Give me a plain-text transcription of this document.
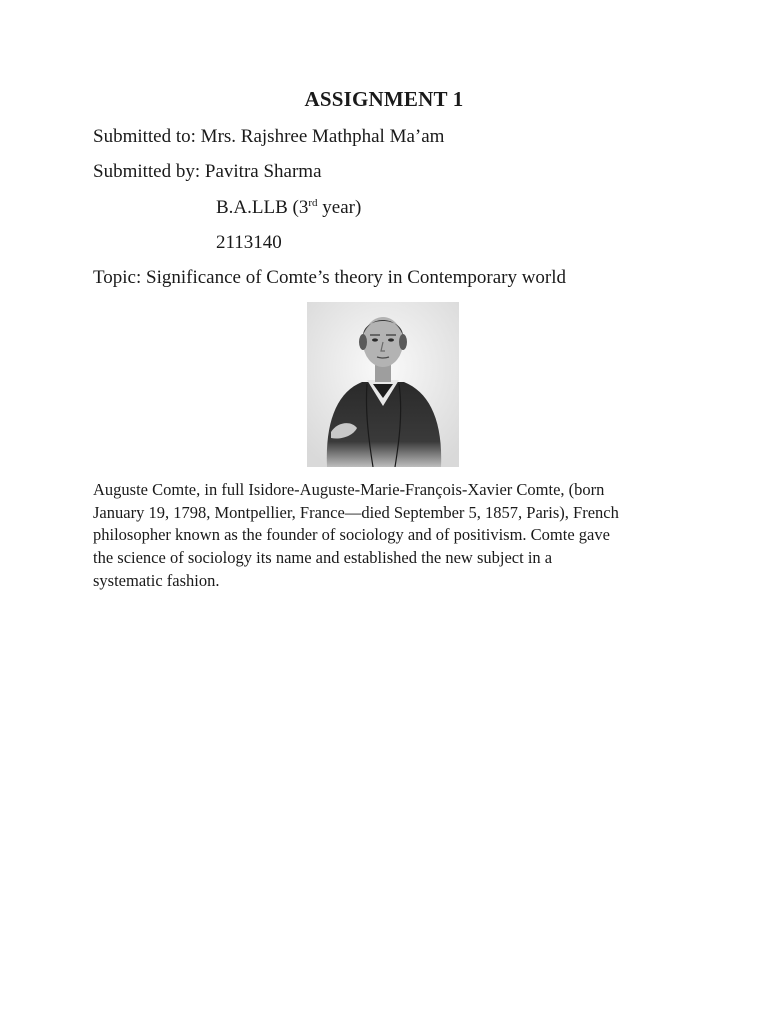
ASSIGNMENT 1
Submitted to: Mrs. Rajshree Mathphal Ma’am
Submitted by: Pavitra Sharma
B.A.LLB (3rd year)
2113140
Topic: Significance of Comte’s theory in Contemporary world
Auguste Comte, in full Isidore-Auguste-Marie-François-Xavier Comte, (born
January 19, 1798, Montpellier, France—died September 5, 1857, Paris), French
philosopher known as the founder of sociology and of positivism. Comte gave
the science of sociology its name and established the new subject in a
systematic fashion.
